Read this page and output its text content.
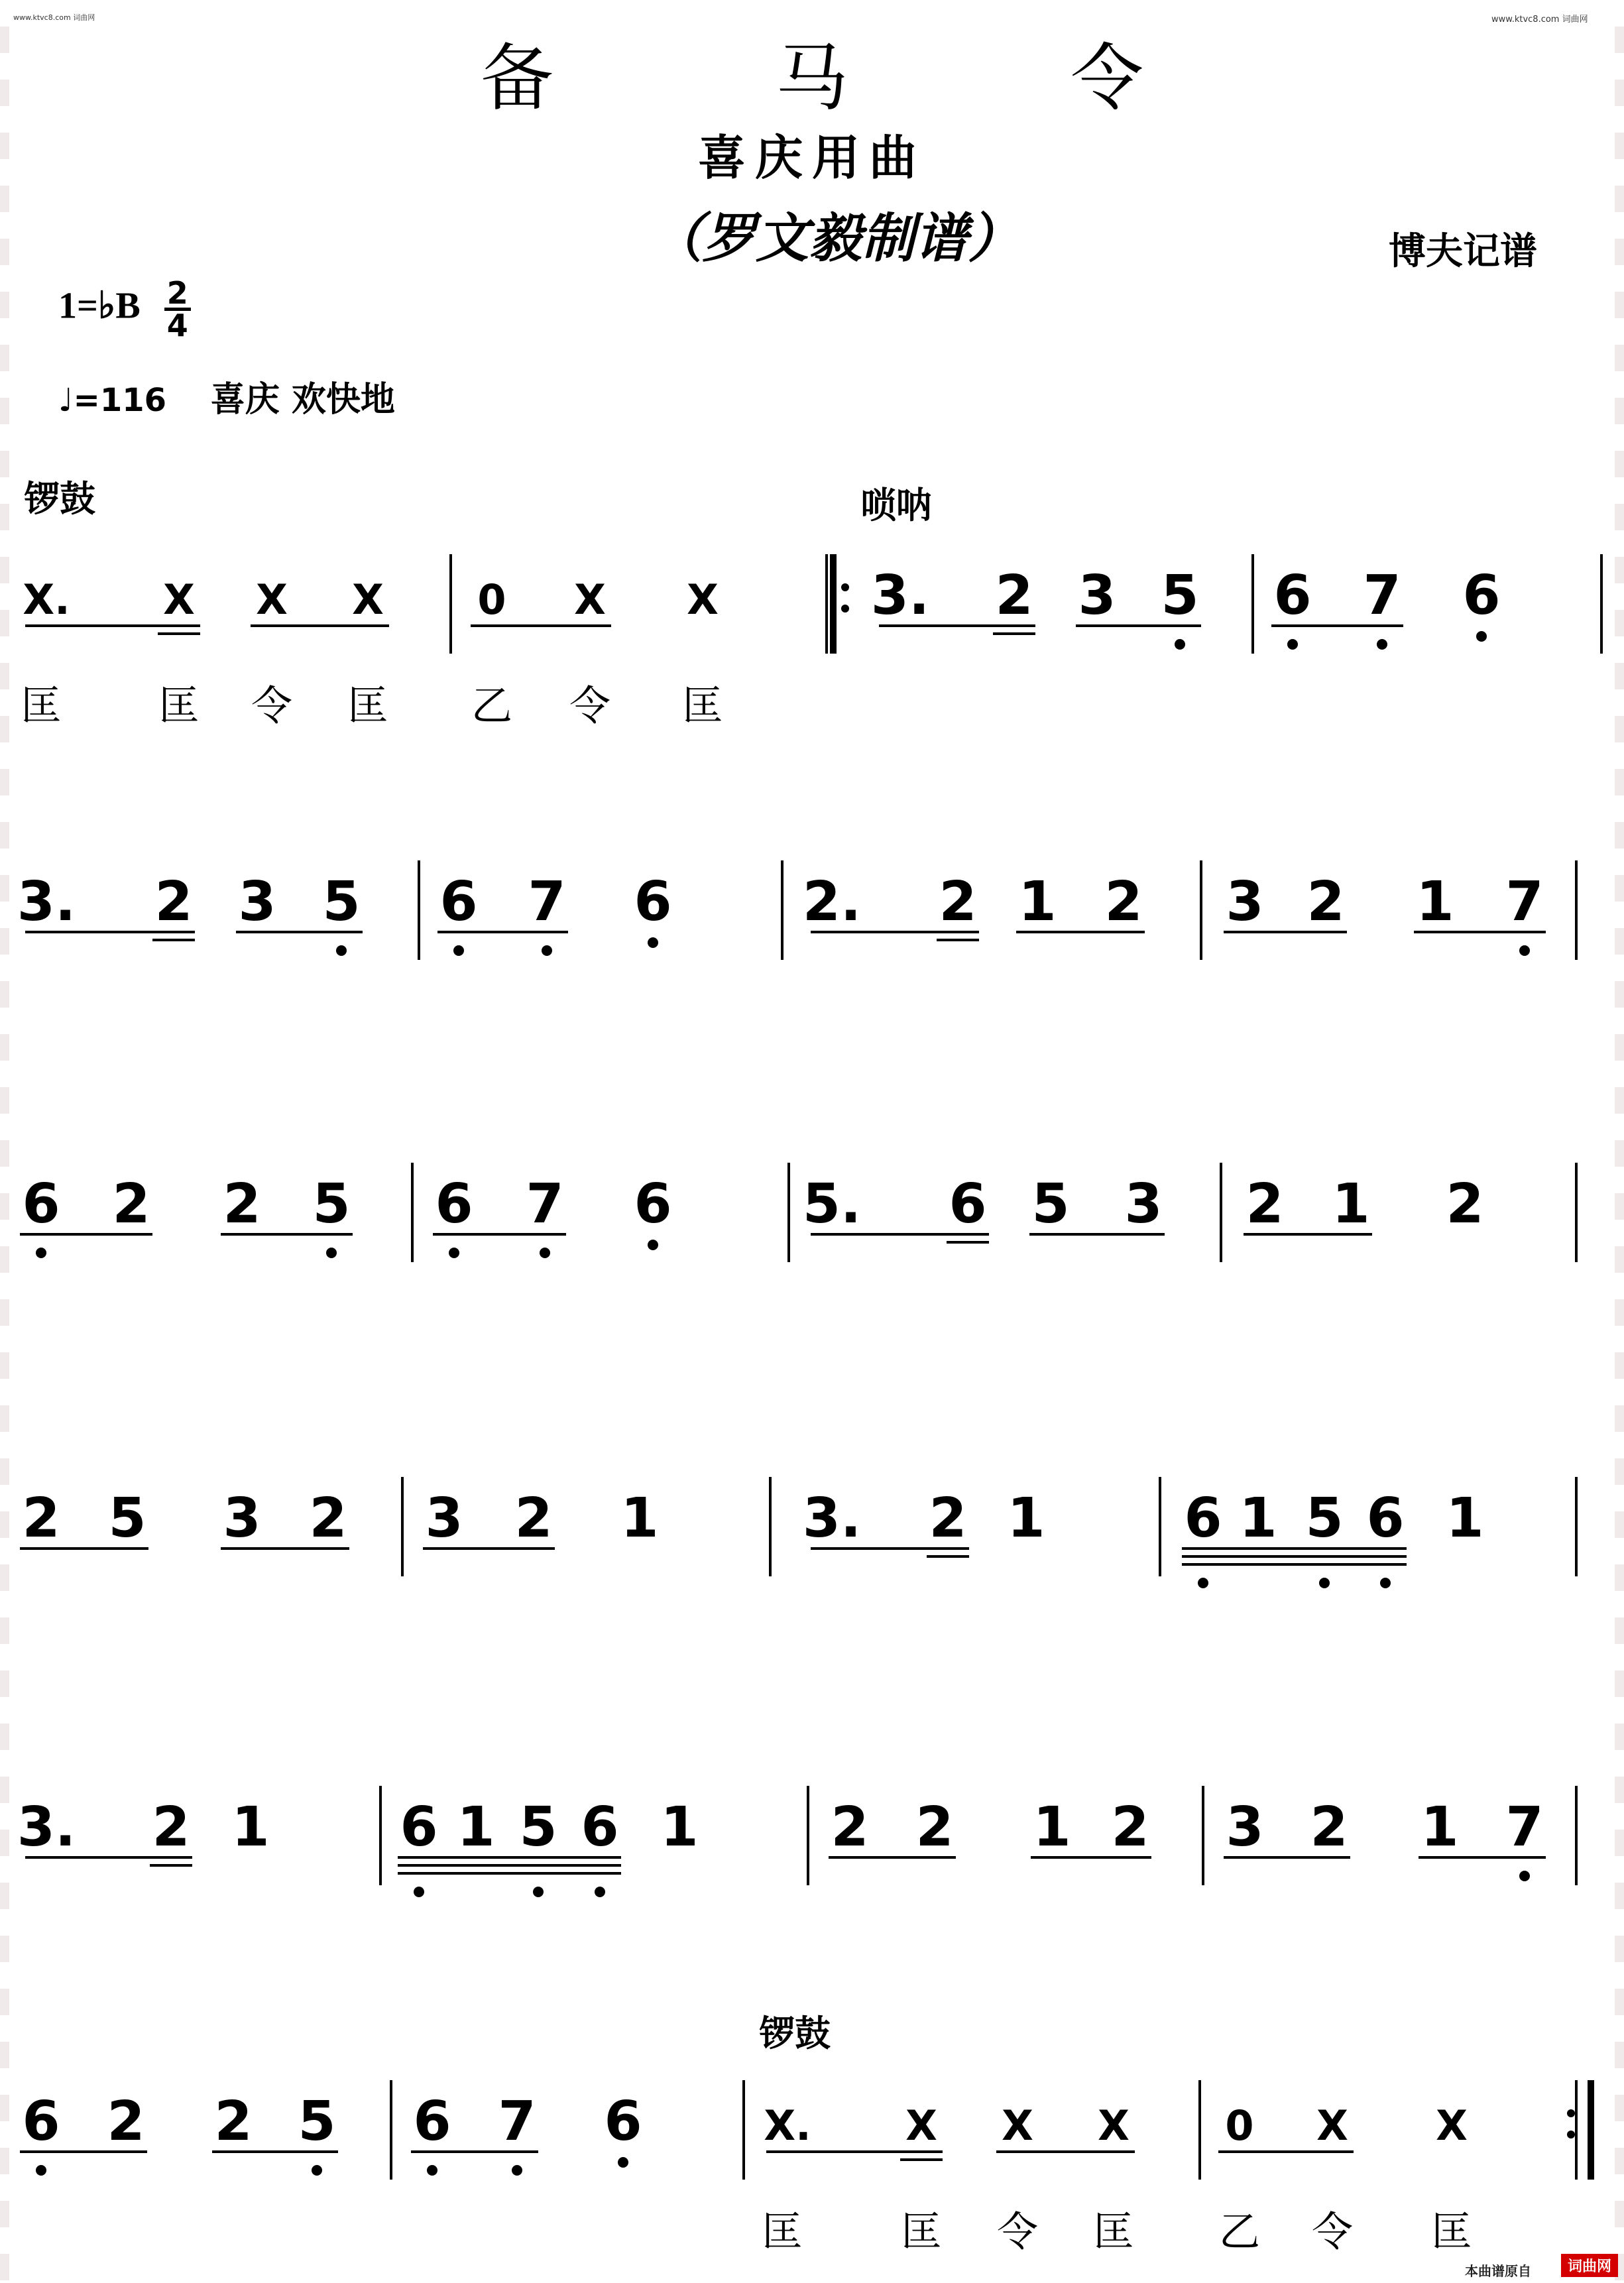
www.ktvc8.com 词曲网	www.ktvc8.com 词曲网
备 马 令
喜庆用曲
（罗文毅制谱）	博夫记谱
1=♭B $\frac{2}{4}$
♩=116 喜庆 欢快地
锣鼓	唢呐
锣鼓
X. X X X 0 X X	3. 2 3 5 6 7 6
匡 匡 令 匡 乙 令 匡
3. 2 3 5 6 7 6 2. 2 1 2 3 2 1 7
6 2 2 5 6 7 6 5. 6 5 3 2 1 2
2 5 3 2 3 2 1	3. 2 1	6 1 5 6 1
3. 2 1 6 1 5 6 1 2 2 1 2 3 2 1 7
6 2 2 5 6 7 6	X. X X X 0 X X
匡 匡 令 匡 乙 令 匡
本曲谱原自	词曲网
